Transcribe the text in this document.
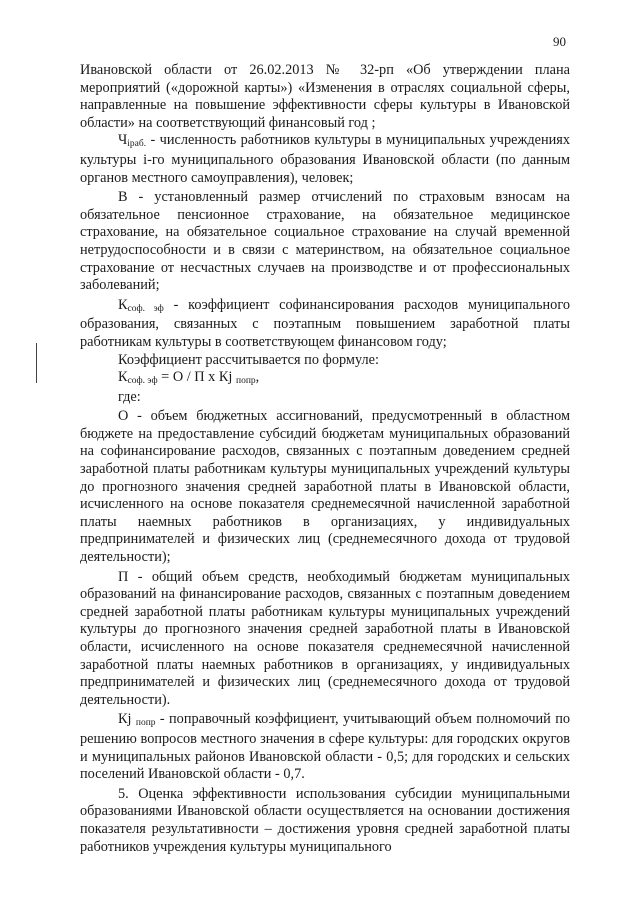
90

Ивановской области от 26.02.2013 № 32-рп «Об утверждении плана мероприятий («дорожной карты») «Изменения в отраслях социальной сферы, направленные на повышение эффективности сферы культуры в Ивановской области» на соответствующий финансовый год ;

Чiраб. - численность работников культуры в муниципальных учреждениях культуры i-го муниципального образования Ивановской области (по данным органов местного самоуправления), человек;

В - установленный размер отчислений по страховым взносам на обязательное пенсионное страхование, на обязательное медицинское страхование, на обязательное социальное страхование на случай временной нетрудоспособности и в связи с материнством, на обязательное социальное страхование от несчастных случаев на производстве и от профессиональных заболеваний;

Ксоф. эф - коэффициент софинансирования расходов муниципального образования, связанных с поэтапным повышением заработной платы работникам культуры в соответствующем финансовом году;

Коэффициент рассчитывается по формуле:

Ксоф. эф = О / П х Кj попр,

где:

О - объем бюджетных ассигнований, предусмотренный в областном бюджете на предоставление субсидий бюджетам муниципальных образований на софинансирование расходов, связанных с поэтапным доведением средней заработной платы работникам культуры муниципальных учреждений культуры до прогнозного значения средней заработной платы в Ивановской области, исчисленного на основе показателя среднемесячной начисленной заработной платы наемных работников в организациях, у индивидуальных предпринимателей и физических лиц (среднемесячного дохода от трудовой деятельности);

П - общий объем средств, необходимый бюджетам муниципальных образований на финансирование расходов, связанных с поэтапным доведением средней заработной платы работникам культуры муниципальных учреждений культуры до прогнозного значения средней заработной платы в Ивановской области, исчисленного на основе показателя среднемесячной начисленной заработной платы наемных работников в организациях, у индивидуальных предпринимателей и физических лиц (среднемесячного дохода от трудовой деятельности).

Кj попр - поправочный коэффициент, учитывающий объем полномочий по решению вопросов местного значения в сфере культуры: для городских округов и муниципальных районов Ивановской области - 0,5; для городских и сельских поселений Ивановской области - 0,7.

5. Оценка эффективности использования субсидии муниципальными образованиями Ивановской области осуществляется на основании достижения показателя результативности – достижения уровня средней заработной платы работников учреждения культуры муниципального
